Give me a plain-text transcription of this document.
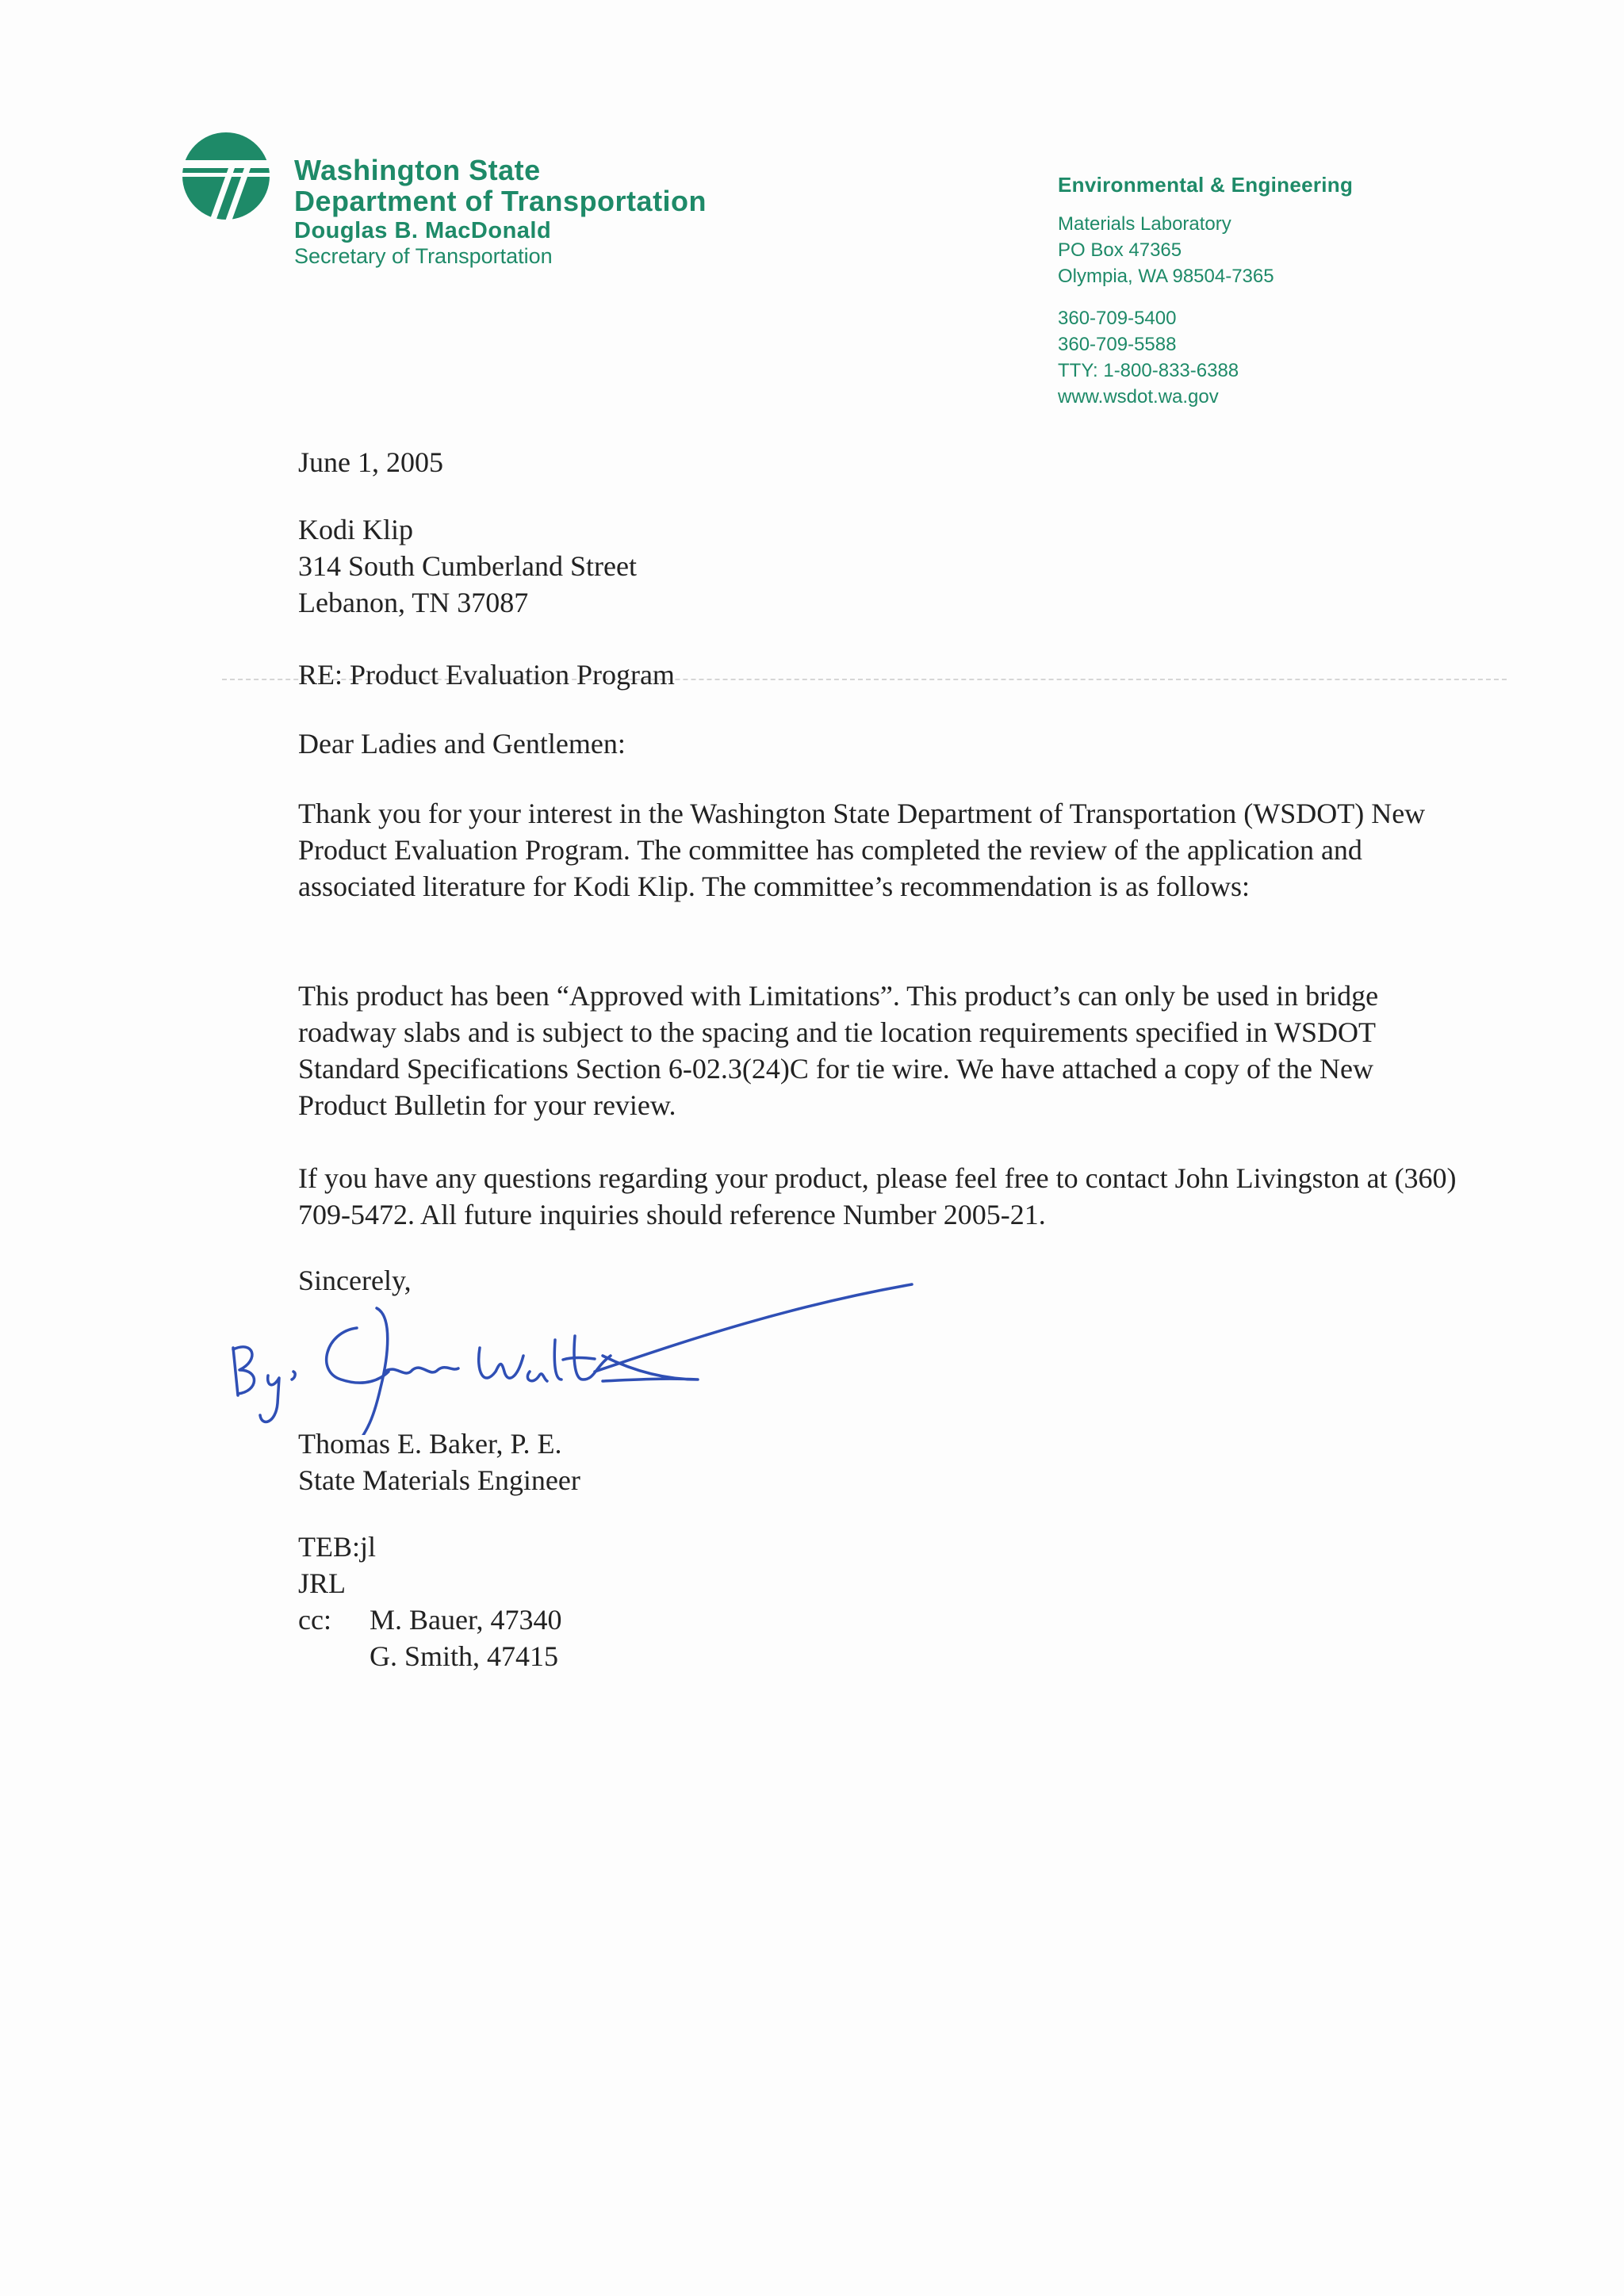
Washington State
Department of Transportation
Douglas B. MacDonald
Secretary of Transportation
Environmental & Engineering
Materials Laboratory
PO Box 47365
Olympia, WA 98504-7365
360-709-5400
360-709-5588
TTY: 1-800-833-6388
www.wsdot.wa.gov
June 1, 2005

Kodi Klip

314 South Cumberland Street

Lebanon, TN 37087

RE: Product Evaluation Program
Dear Ladies and Gentlemen:
Thank you for your interest in the Washington State Department of Transportation (WSDOT) New Product Evaluation Program. The committee has completed the review of the application and associated literature for Kodi Klip. The committee’s recommendation is as follows:
This product has been “Approved with Limitations”. This product’s can only be used in bridge roadway slabs and is subject to the spacing and tie location requirements specified in WSDOT Standard Specifications Section 6-02.3(24)C for tie wire. We have attached a copy of the New Product Bulletin for your review.
If you have any questions regarding your product, please feel free to contact John Livingston at (360) 709-5472. All future inquiries should reference Number 2005-21.
Sincerely,

Thomas E. Baker, P. E.

State Materials Engineer

TEB:jl

JRL

cc:	M. Bauer, 47340
G. Smith, 47415
